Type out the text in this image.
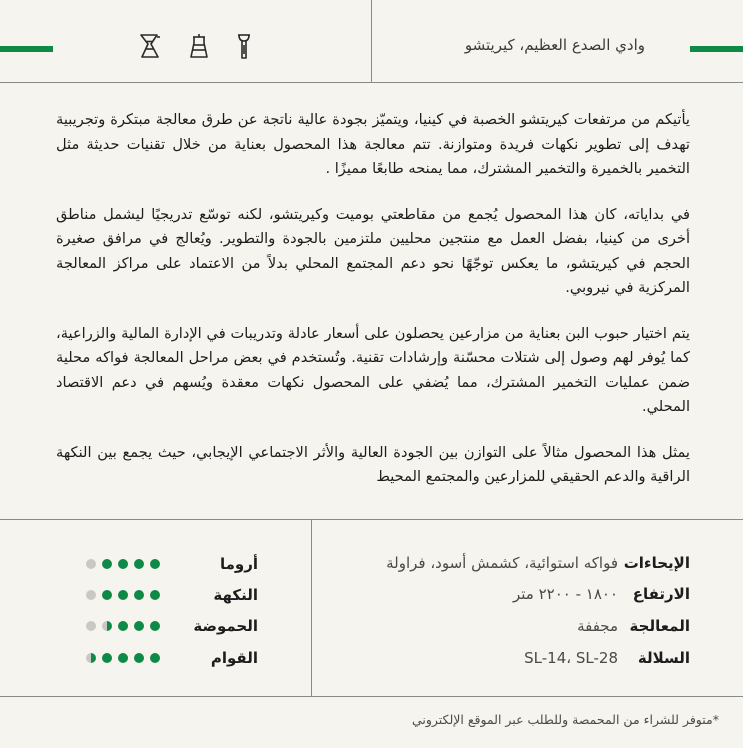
وادي الصدع العظيم، كيريتشو

يأتيكم من مرتفعات كيريتشو الخصبة في كينيا، ويتميّز بجودة عالية ناتجة عن طرق معالجة مبتكرة وتجريبية تهدف إلى تطوير نكهات فريدة ومتوازنة. تتم معالجة هذا المحصول بعناية من خلال تقنيات حديثة مثل التخمير بالخميرة والتخمير المشترك، مما يمنحه طابعًا مميزًا .

في بداياته، كان هذا المحصول يُجمع من مقاطعتي بوميت وكيريتشو، لكنه توسّع تدريجيًا ليشمل مناطق أخرى من كينيا، بفضل العمل مع منتجين محليين ملتزمين بالجودة والتطوير. ويُعالج في مرافق صغيرة الحجم في كيريتشو، ما يعكس توجّهًا نحو دعم المجتمع المحلي بدلاً من الاعتماد على مراكز المعالجة المركزية في نيروبي.

يتم اختيار حبوب البن بعناية من مزارعين يحصلون على أسعار عادلة وتدريبات في الإدارة المالية والزراعية، كما يُوفر لهم وصول إلى شتلات محسّنة وإرشادات تقنية. وتُستخدم في بعض مراحل المعالجة فواكه محلية ضمن عمليات التخمير المشترك، مما يُضفي على المحصول نكهات معقدة ويُسهم في دعم الاقتصاد المحلي.

يمثل هذا المحصول مثالاً على التوازن بين الجودة العالية والأثر الاجتماعي الإيجابي، حيث يجمع بين النكهة الراقية والدعم الحقيقي للمزارعين والمجتمع المحيط

الإيحاءات
فواكه استوائية، كشمش أسود، فراولة
الارتفاع
١٨٠٠ - ٢٢٠٠ متر
المعالجة
مجففة
السلالة
SL-14، SL-28
أروما
النكهة
الحموضة
القوام
*متوفر للشراء من المحمصة وللطلب عبر الموقع الإلكتروني
